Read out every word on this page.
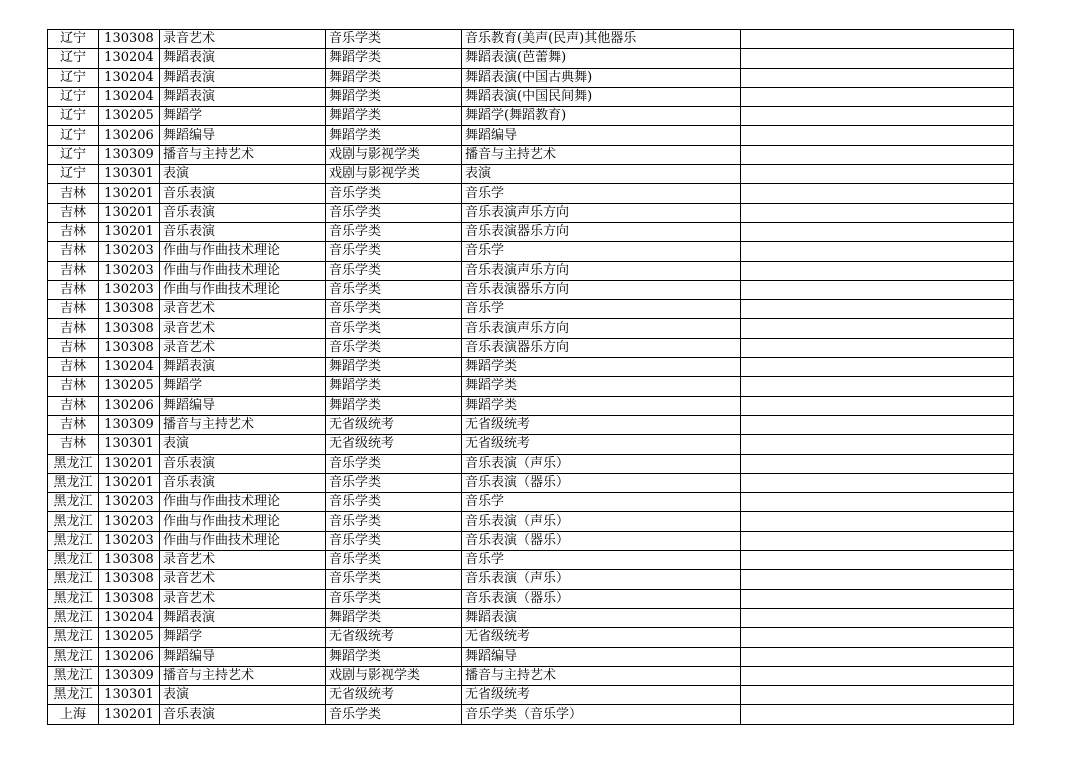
辽宁	130308	录音艺术	音乐学类	音乐教育(美声(民声)其他器乐	
辽宁	130204	舞蹈表演	舞蹈学类	舞蹈表演(芭蕾舞)	
辽宁	130204	舞蹈表演	舞蹈学类	舞蹈表演(中国古典舞)	
辽宁	130204	舞蹈表演	舞蹈学类	舞蹈表演(中国民间舞)	
辽宁	130205	舞蹈学	舞蹈学类	舞蹈学(舞蹈教育)	
辽宁	130206	舞蹈编导	舞蹈学类	舞蹈编导	
辽宁	130309	播音与主持艺术	戏剧与影视学类	播音与主持艺术	
辽宁	130301	表演	戏剧与影视学类	表演	
吉林	130201	音乐表演	音乐学类	音乐学	
吉林	130201	音乐表演	音乐学类	音乐表演声乐方向	
吉林	130201	音乐表演	音乐学类	音乐表演器乐方向	
吉林	130203	作曲与作曲技术理论	音乐学类	音乐学	
吉林	130203	作曲与作曲技术理论	音乐学类	音乐表演声乐方向	
吉林	130203	作曲与作曲技术理论	音乐学类	音乐表演器乐方向	
吉林	130308	录音艺术	音乐学类	音乐学	
吉林	130308	录音艺术	音乐学类	音乐表演声乐方向	
吉林	130308	录音艺术	音乐学类	音乐表演器乐方向	
吉林	130204	舞蹈表演	舞蹈学类	舞蹈学类	
吉林	130205	舞蹈学	舞蹈学类	舞蹈学类	
吉林	130206	舞蹈编导	舞蹈学类	舞蹈学类	
吉林	130309	播音与主持艺术	无省级统考	无省级统考	
吉林	130301	表演	无省级统考	无省级统考	
黑龙江	130201	音乐表演	音乐学类	音乐表演（声乐）	
黑龙江	130201	音乐表演	音乐学类	音乐表演（器乐）	
黑龙江	130203	作曲与作曲技术理论	音乐学类	音乐学	
黑龙江	130203	作曲与作曲技术理论	音乐学类	音乐表演（声乐）	
黑龙江	130203	作曲与作曲技术理论	音乐学类	音乐表演（器乐）	
黑龙江	130308	录音艺术	音乐学类	音乐学	
黑龙江	130308	录音艺术	音乐学类	音乐表演（声乐）	
黑龙江	130308	录音艺术	音乐学类	音乐表演（器乐）	
黑龙江	130204	舞蹈表演	舞蹈学类	舞蹈表演	
黑龙江	130205	舞蹈学	无省级统考	无省级统考	
黑龙江	130206	舞蹈编导	舞蹈学类	舞蹈编导	
黑龙江	130309	播音与主持艺术	戏剧与影视学类	播音与主持艺术	
黑龙江	130301	表演	无省级统考	无省级统考	
上海	130201	音乐表演	音乐学类	音乐学类（音乐学）	
